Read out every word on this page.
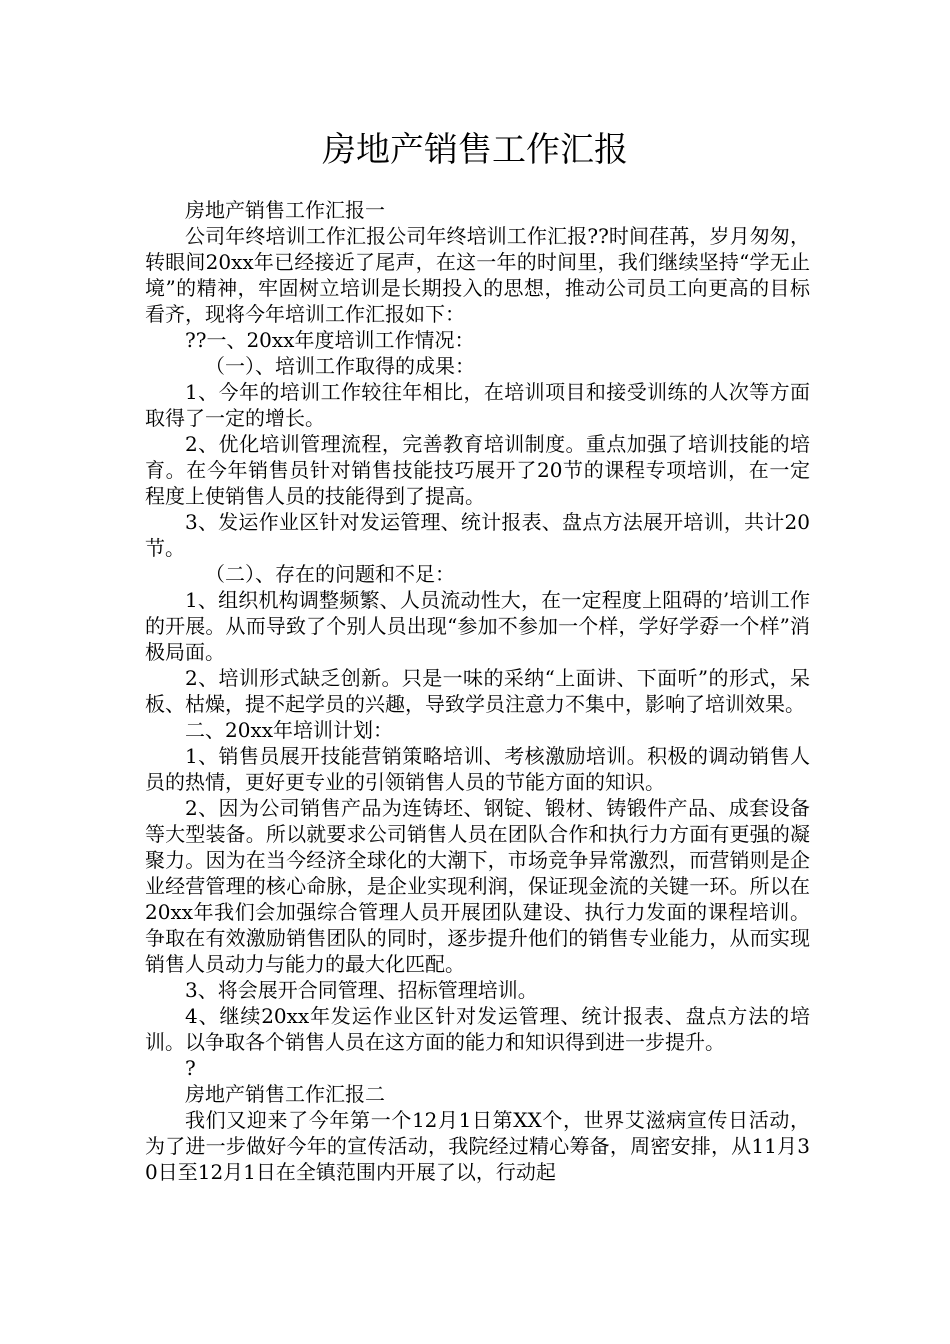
房地产销售工作汇报

房地产销售工作汇报一

公司年终培训工作汇报公司年终培训工作汇报??时间荏苒，岁月匆匆，转眼间20xx年已经接近了尾声，在这一年的时间里，我们继续坚持“学无止境”的精神，牢固树立培训是长期投入的思想，推动公司员工向更高的目标看齐，现将今年培训工作汇报如下：

??一、20xx年度培训工作情况：

（一）、培训工作取得的成果：

1、今年的培训工作较往年相比，在培训项目和接受训练的人次等方面取得了一定的增长。

2、优化培训管理流程，完善教育培训制度。重点加强了培训技能的培育。在今年销售员针对销售技能技巧展开了20节的课程专项培训，在一定程度上使销售人员的技能得到了提高。

3、发运作业区针对发运管理、统计报表、盘点方法展开培训，共计20节。

（二）、存在的问题和不足：

1、组织机构调整频繁、人员流动性大，在一定程度上阻碍的’培训工作的开展。从而导致了个别人员出现“参加不参加一个样，学好学孬一个样”消极局面。

2、培训形式缺乏创新。只是一味的采纳“上面讲、下面听”的形式，呆板、枯燥，提不起学员的兴趣，导致学员注意力不集中，影响了培训效果。

二、20xx年培训计划：

1、销售员展开技能营销策略培训、考核激励培训。积极的调动销售人员的热情，更好更专业的引领销售人员的节能方面的知识。

2、因为公司销售产品为连铸坯、钢锭、锻材、铸锻件产品、成套设备等大型装备。所以就要求公司销售人员在团队合作和执行力方面有更强的凝聚力。因为在当今经济全球化的大潮下，市场竞争异常激烈，而营销则是企业经营管理的核心命脉，是企业实现利润，保证现金流的关键一环。所以在20xx年我们会加强综合管理人员开展团队建设、执行力发面的课程培训。争取在有效激励销售团队的同时，逐步提升他们的销售专业能力，从而实现销售人员动力与能力的最大化匹配。

3、将会展开合同管理、招标管理培训。

4、继续20xx年发运作业区针对发运管理、统计报表、盘点方法的培训。以争取各个销售人员在这方面的能力和知识得到进一步提升。

?

房地产销售工作汇报二

我们又迎来了今年第一个12月1日第XX个，世界艾滋病宣传日活动，为了进一步做好今年的宣传活动，我院经过精心筹备，周密安排，从11月30日至12月1日在全镇范围内开展了以，行动起
